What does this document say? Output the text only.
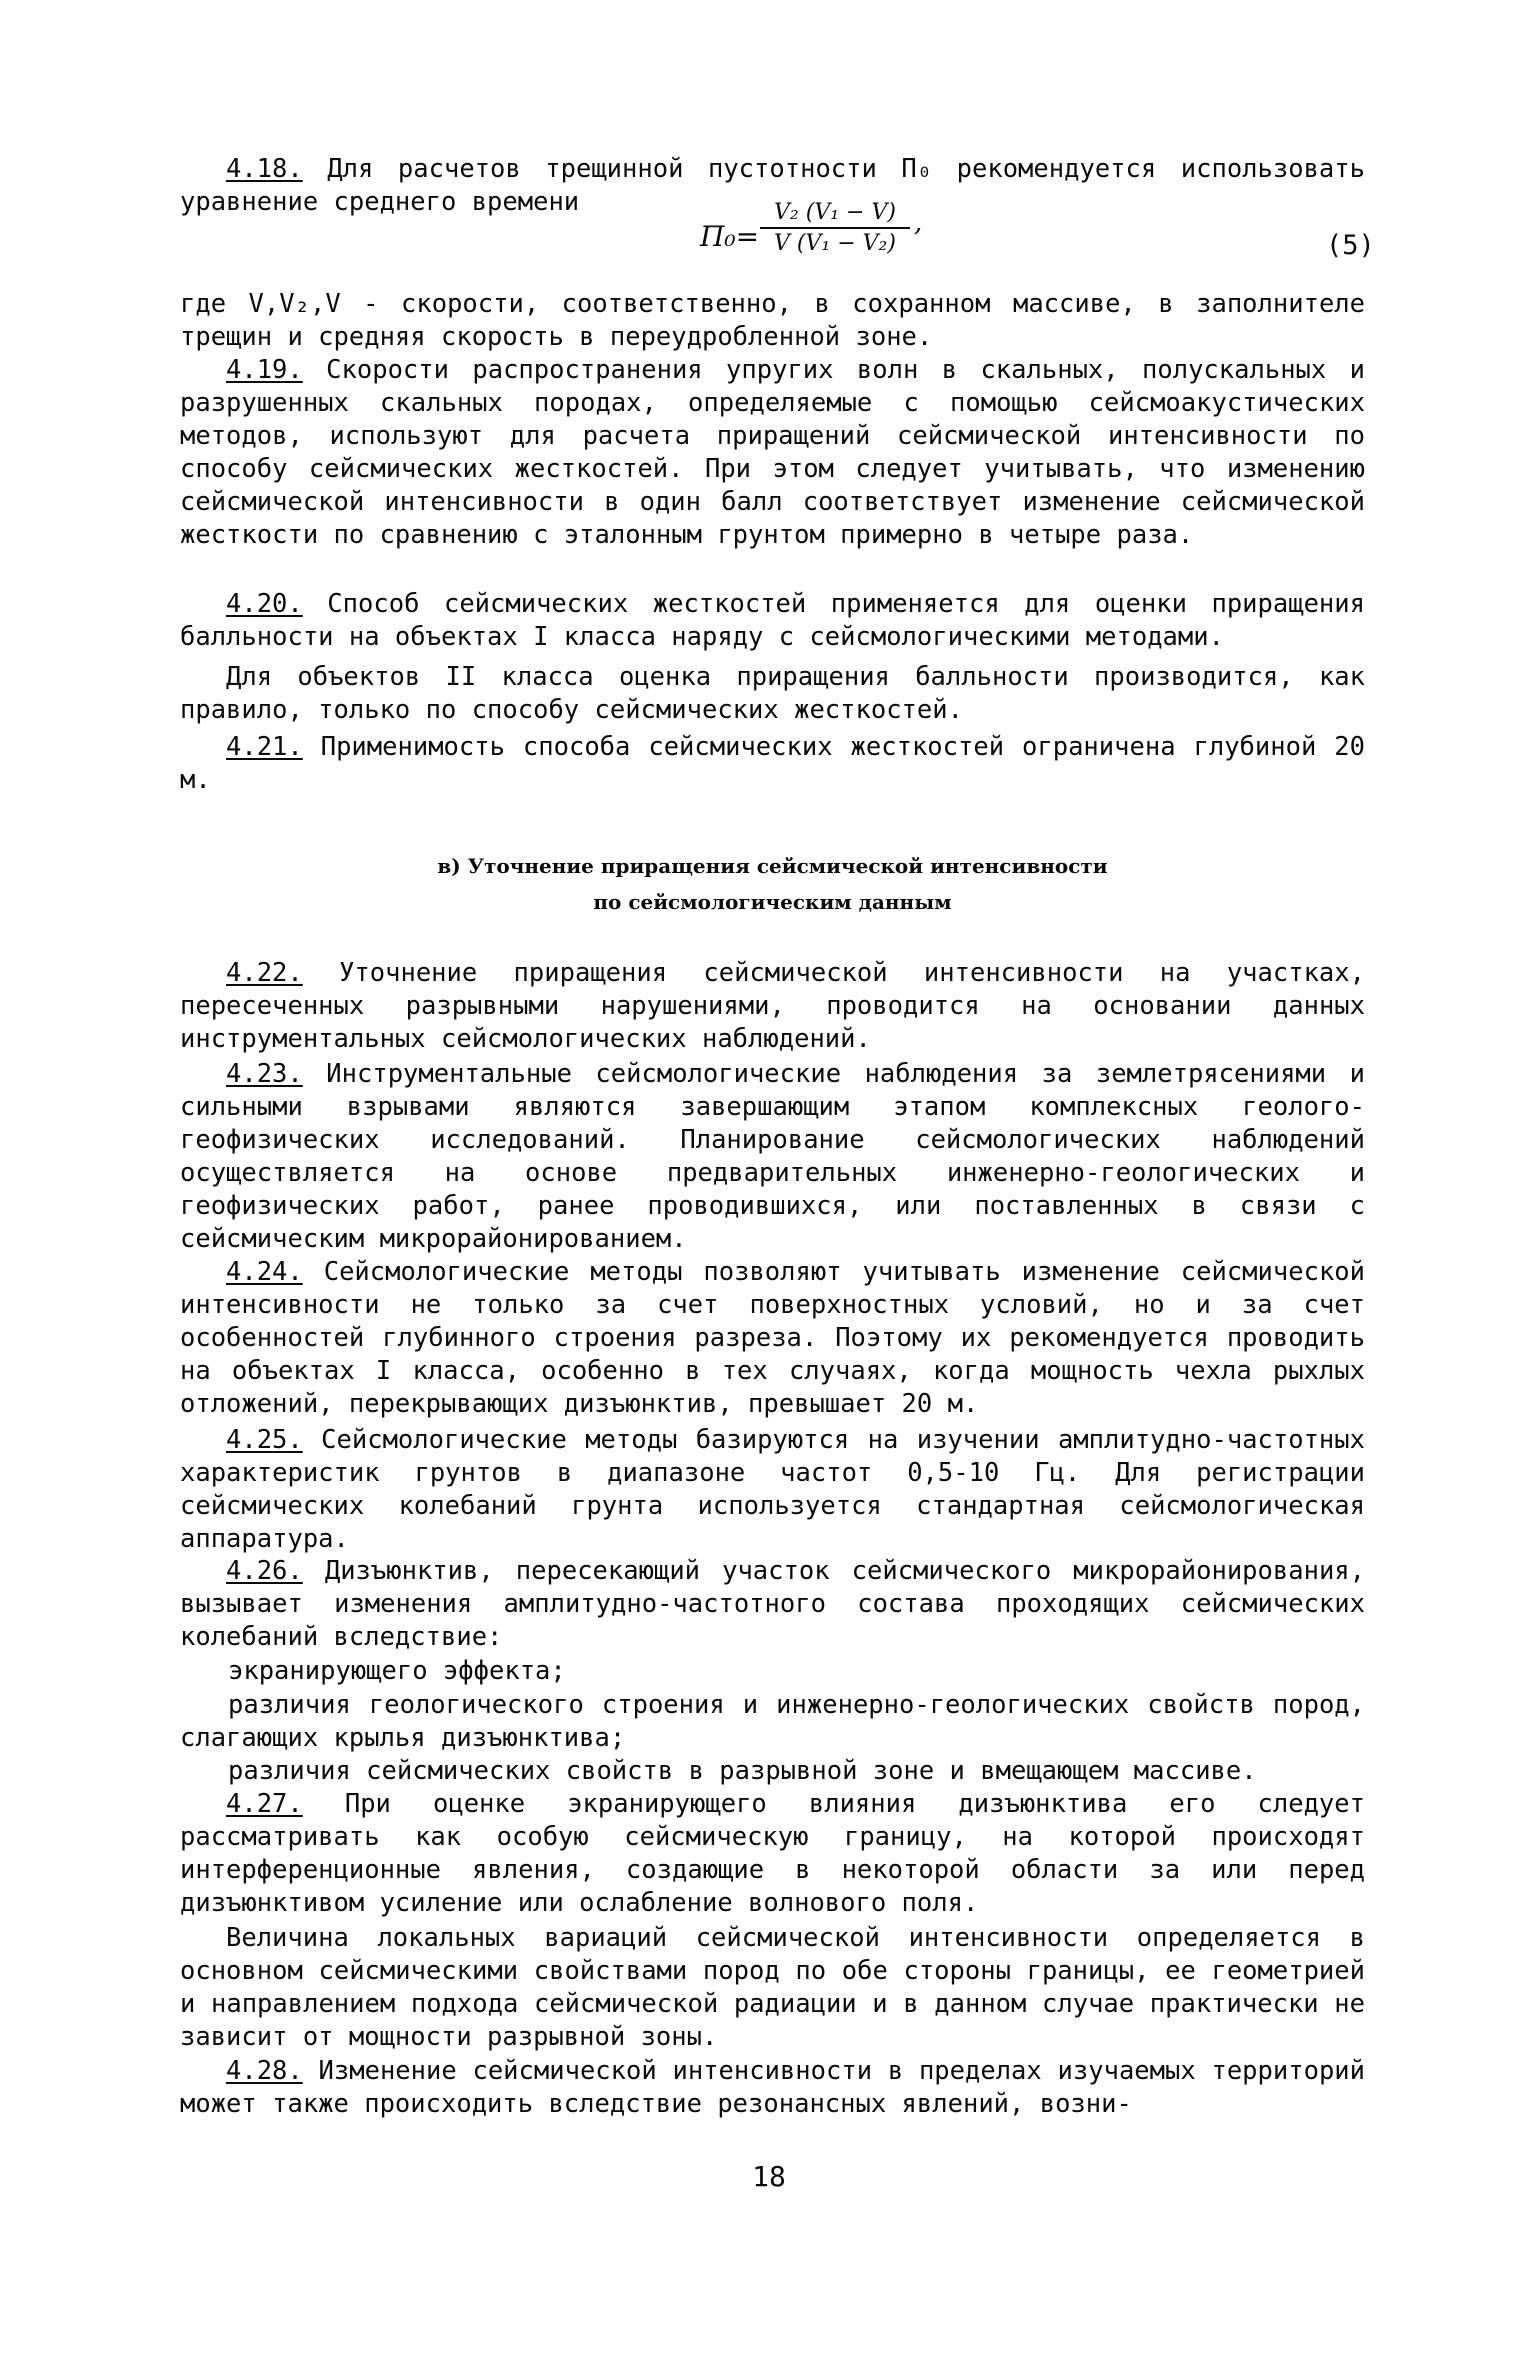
4.18. Для расчетов трещинной пустотности П₀ рекомендуется использовать уравнение среднего времени

П₀=
V₂ (V₁ − V)
V (V₁ − V₂)
,
(5)

где V,V₂,V - скорости, соответственно, в сохранном массиве, в заполнителе трещин и средняя скорость в переудробленной зоне.

4.19. Скорости распространения упругих волн в скальных, полускальных и разрушенных скальных породах, определяемые с помощью сейсмоакустических методов, используют для расчета приращений сейсмической интенсивности по способу сейсмических жесткостей. При этом следует учитывать, что изменению сейсмической интенсивности в один балл соответствует изменение сейсмической жесткости по сравнению с эталонным грунтом примерно в четыре раза.

4.20. Способ сейсмических жесткостей применяется для оценки приращения балльности на объектах I класса наряду с сейсмологическими методами.

Для объектов II класса оценка приращения балльности производится, как правило, только по способу сейсмических жесткостей.

4.21. Применимость способа сейсмических жесткостей ограничена глубиной 20 м.

в) Уточнение приращения сейсмической интенсивности
по сейсмологическим данным

4.22. Уточнение приращения сейсмической интенсивности на участках, пересеченных разрывными нарушениями, проводится на основании данных инструментальных сейсмологических наблюдений.

4.23. Инструментальные сейсмологические наблюдения за землетрясениями и сильными взрывами являются завершающим этапом комплексных геолого-геофизических исследований. Планирование сейсмологических наблюдений осуществляется на основе предварительных инженерно-геологических и геофизических работ, ранее проводившихся, или поставленных в связи с сейсмическим микрорайонированием.

4.24. Сейсмологические методы позволяют учитывать изменение сейсмической интенсивности не только за счет поверхностных условий, но и за счет особенностей глубинного строения разреза. Поэтому их рекомендуется проводить на объектах I класса, особенно в тех случаях, когда мощность чехла рыхлых отложений, перекрывающих дизъюнктив, превышает 20 м.

4.25. Сейсмологические методы базируются на изучении амплитудно-частотных характеристик грунтов в диапазоне частот 0,5-10 Гц. Для регистрации сейсмических колебаний грунта используется стандартная сейсмологическая аппаратура.

4.26. Дизъюнктив, пересекающий участок сейсмического микрорайонирования, вызывает изменения амплитудно-частотного состава проходящих сейсмических колебаний вследствие:

экранирующего эффекта;

различия геологического строения и инженерно-геологических свойств пород, слагающих крылья дизъюнктива;

различия сейсмических свойств в разрывной зоне и вмещающем массиве.

4.27. При оценке экранирующего влияния дизъюнктива его следует рассматривать как особую сейсмическую границу, на которой происходят интерференционные явления, создающие в некоторой области за или перед дизъюнктивом усиление или ослабление волнового поля.

Величина локальных вариаций сейсмической интенсивности определяется в основном сейсмическими свойствами пород по обе стороны границы, ее геометрией и направлением подхода сейсмической радиации и в данном случае практически не зависит от мощности разрывной зоны.

4.28. Изменение сейсмической интенсивности в пределах изучаемых территорий может также происходить вследствие резонансных явлений, возни-

18
